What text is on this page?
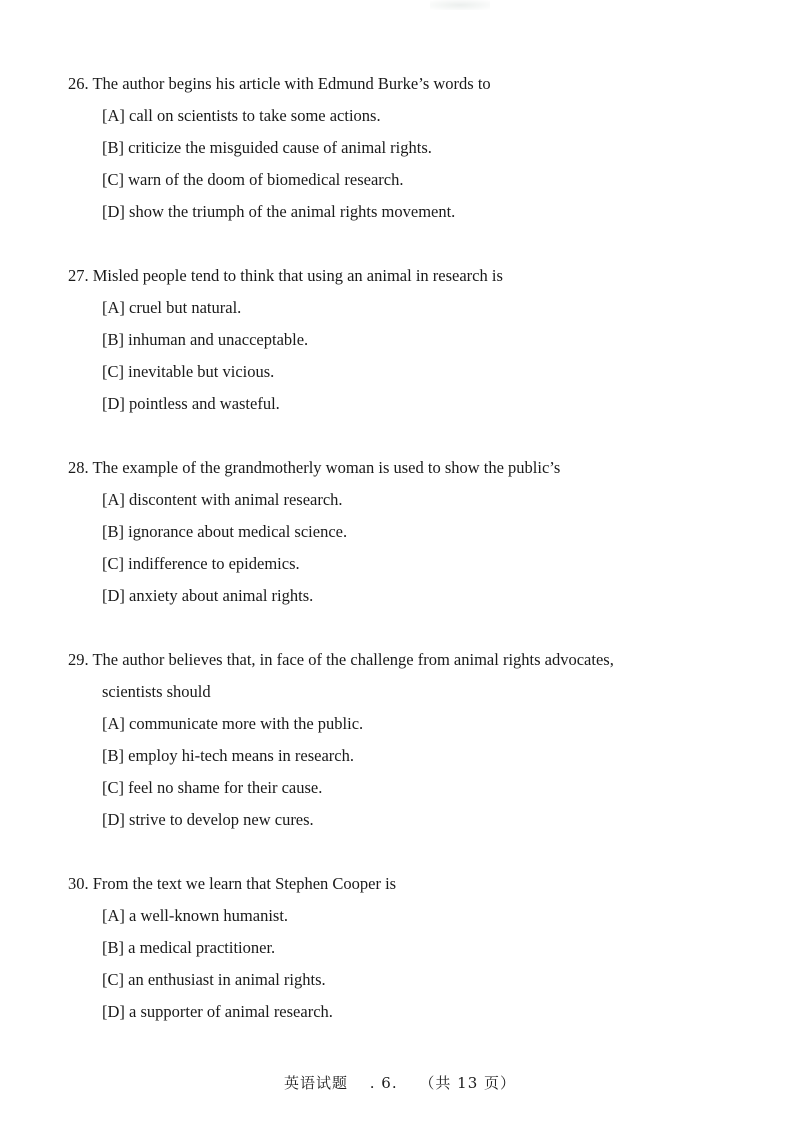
26. The author begins his article with Edmund Burke’s words to

[A] call on scientists to take some actions.
[B] criticize the misguided cause of animal rights.
[C] warn of the doom of biomedical research.
[D] show the triumph of the animal rights movement.

27. Misled people tend to think that using an animal in research is

[A] cruel but natural.
[B] inhuman and unacceptable.
[C] inevitable but vicious.
[D] pointless and wasteful.

28. The example of the grandmotherly woman is used to show the public’s

[A] discontent with animal research.
[B] ignorance about medical science.
[C] indifference to epidemics.
[D] anxiety about animal rights.

29. The author believes that, in face of the challenge from animal rights advocates,
scientists should

[A] communicate more with the public.
[B] employ hi-tech means in research.
[C] feel no shame for their cause.
[D] strive to develop new cures.

30. From the text we learn that Stephen Cooper is

[A] a well-known humanist.
[B] a medical practitioner.
[C] an enthusiast in animal rights.
[D] a supporter of animal research.
英语试题 . 6. （共 13 页）
